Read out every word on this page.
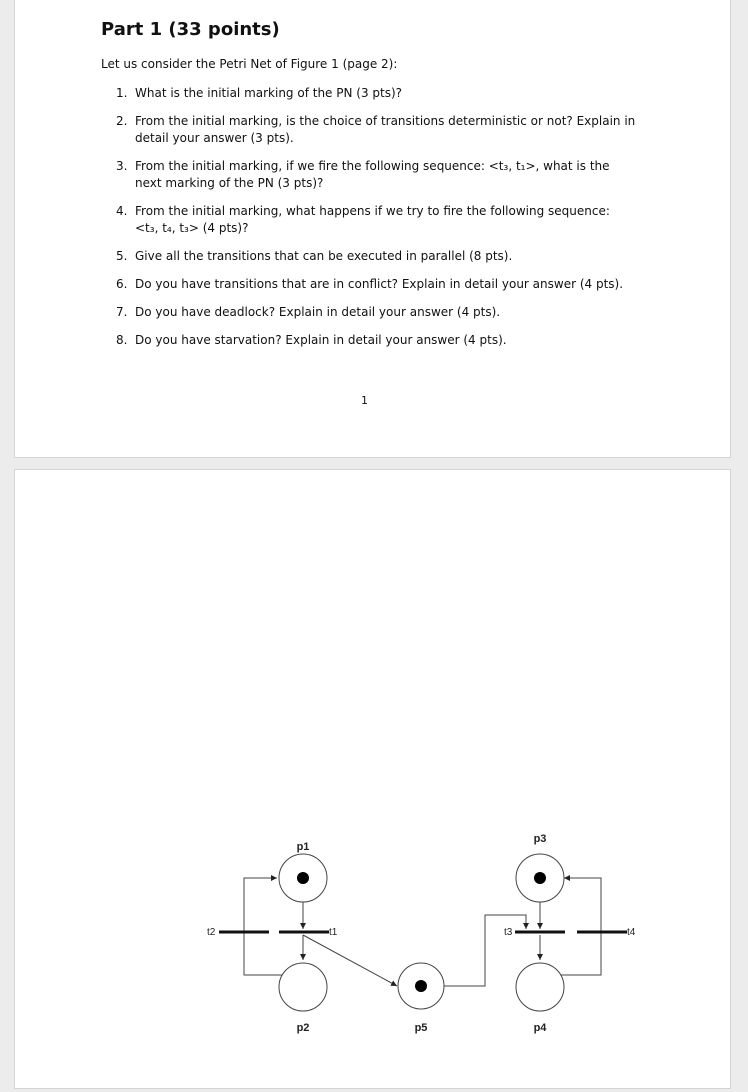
Part 1 (33 points)
Let us consider the Petri Net of Figure 1 (page 2):
1. What is the initial marking of the PN (3 pts)?
2. From the initial marking, is the choice of transitions deterministic or not? Explain in detail your answer (3 pts).
3. From the initial marking, if we fire the following sequence: <t₃, t₁>, what is the next marking of the PN (3 pts)?
4. From the initial marking, what happens if we try to fire the following sequence: <t₃, t₄, t₃> (4 pts)?
5. Give all the transitions that can be executed in parallel (8 pts).
6. Do you have transitions that are in conflict? Explain in detail your answer (4 pts).
7. Do you have deadlock? Explain in detail your answer (4 pts).
8. Do you have starvation? Explain in detail your answer (4 pts).
1
p1
p2
p3
p4
p5
t1
t2	t3	t4
